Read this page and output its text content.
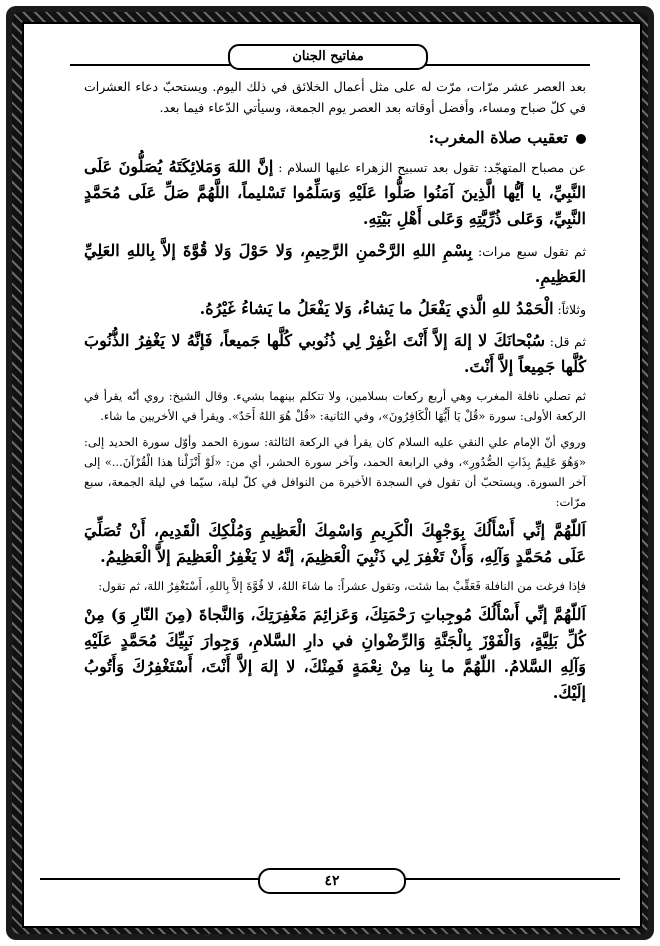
مفاتيح الجنان

بعد العصر عشر مرّات، مرّت له على مثل أعمال الخلائق في ذلك اليوم. ويستحبّ دعاء العشرات في كلّ صباح ومساء، وأفضل أوقاته بعد العصر يوم الجمعة، وسيأتي الدّعاء فيما بعد.

تعقيب صلاة المغرب:

عن مصباح المتهجّد: تقول بعد تسبيح الزهراء عليها السلام : إنَّ اللهَ وَمَلائِكَتَهُ يُصَلُّونَ عَلَى النَّبِيِّ، يا أيُّها الَّذِينَ آمَنُوا صَلُّوا عَلَيْهِ وَسَلِّمُوا تَسْليماً، اللَّهُمَّ صَلِّ عَلَى مُحَمَّدٍ النَّبِيِّ، وَعَلى ذُرِّيَّتِهِ وَعَلى أَهْلِ بَيْتِهِ.

ثم تقول سبع مرات: بِسْمِ اللهِ الرَّحْمنِ الرَّحِيمِ، وَلا حَوْلَ وَلا قُوَّةَ إلاَّ بِاللهِ العَلِيِّ العَظِيمِ.

وثلاثاً: الْحَمْدُ للهِ الَّذي يَفْعَلُ ما يَشاءُ، وَلا يَفْعَلُ ما يَشاءُ غَيْرُهُ.

ثم قل: سُبْحانَكَ لا إلهَ إلاَّ أَنْتَ اغْفِرْ لِي ذُنُوبي كُلَّها جَميعاً، فَإنَّهُ لا يَغْفِرُ الذُّنُوبَ كُلَّها جَمِيعاً إلاَّ أَنْتَ.

ثم تصلي نافلة المغرب وهي أربع ركعات بسلامين، ولا تتكلم بينهما بشيء. وقال الشيخ: روي أنّه يقرأ في الركعة الأولى: سورة «قُلْ يَا أَيُّهَا الْكَافِرُونَ»، وفي الثانية: «قُلْ هُوَ اللهُ أَحَدٌ». ويقرأ في الأخريين ما شاء.

وروي أنّ الإمام علي النقي عليه السلام كان يقرأ في الركعة الثالثة: سورة الحمد وأوّل سورة الحديد إلى: «وَهُوَ عَلِيمٌ بِذَاتِ الصُّدُورِ»، وفي الرابعة الحمد، وآخر سورة الحشر، أي من: «لَوْ أَنْزَلْنا هذا الْقُرْآنَ...» إلى آخر السورة. ويستحبّ أن تقول في السجدة الأخيرة من النوافل في كلّ ليلة، سيّما في ليلة الجمعة، سبع مرّات:

اَللّهُمَّ إنِّي أَسْأَلُكَ بِوَجْهِكَ الْكَرِيمِ وَاسْمِكَ الْعَظِيمِ وَمُلْكِكَ الْقَدِيمِ، أَنْ تُصَلِّيَ عَلَى مُحَمَّدٍ وَآلِهِ، وَأَنْ تَغْفِرَ لِي ذَنْبِيَ الْعَظِيمَ، إنَّهُ لا يَغْفِرُ الْعَظِيمَ إلاَّ الْعَظِيمُ.

فإذا فرغت من النافلة فَعَقِّبْ بما شئت، وتقول عشراً: ما شاءَ اللهُ، لا قُوَّةَ إلاَّ بِاللهِ، أَسْتَغْفِرُ اللهَ، ثم تقول:

اَللّهُمَّ إنِّي أَسْأَلُكَ مُوجِباتِ رَحْمَتِكَ، وَعَزائِمَ مَغْفِرَتِكَ، وَالنَّجاةَ (مِنَ النّارِ وَ) مِنْ كُلِّ بَلِيَّةٍ، وَالْفَوْزَ بِالْجَنَّةِ وَالرِّضْوانِ في دارِ السَّلامِ، وَجِوارَ نَبِيِّكَ مُحَمَّدٍ عَلَيْهِ وَآلِهِ السَّلامُ. اللّهُمَّ ما بِنا مِنْ نِعْمَةٍ فَمِنْكَ، لا إلهَ إلاَّ أَنْتَ، أَسْتَغْفِرُكَ وَأَتُوبُ إلَيْكَ.

٤٢
